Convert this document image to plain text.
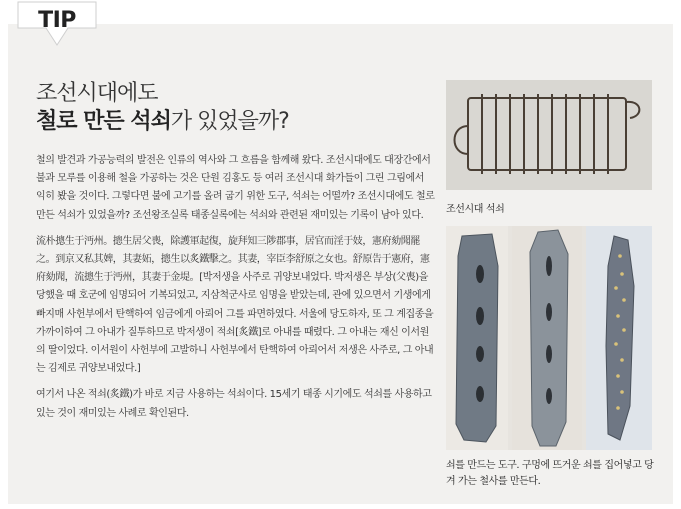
TIP
조선시대에도
철로 만든 석쇠가 있었을까?

철의 발견과 가공능력의 발전은 인류의 역사와 그 흐름을 함께해 왔다. 조선시대에도 대장간에서 불과 모루를 이용해 철을 가공하는 것은 단원 김홍도 등 여러 조선시대 화가들이 그린 그림에서 익히 봤을 것이다. 그렇다면 불에 고기를 올려 굽기 위한 도구, 석쇠는 어떨까? 조선시대에도 철로 만든 석쇠가 있었을까? 조선왕조실록 태종실록에는 석쇠와 관련된 재미있는 기록이 남아 있다.

流朴摠生于沔州。摠生居父喪，除護軍起復，旋拜知三陟郡事，居官而淫于妓，憲府劾聞罷之。到京又私其婢，其妻妬，摠生以炙鐵擊之。其妻，宰臣李舒原之女也。舒原告于憲府，憲府劾聞，流摠生于沔州，其妻于金堤。[박저생을 사주로 귀양보내었다. 박저생은 부상(父喪)을 당했을 때 호군에 임명되어 기복되었고, 지삼척군사로 임명을 받았는데, 관에 있으면서 기생에게 빠지매 사헌부에서 탄핵하여 임금에게 아뢰어 그를 파면하였다. 서울에 당도하자, 또 그 계집종을 가까이하여 그 아내가 질투하므로 박저생이 적쇠[炙鐵]로 아내를 때렸다. 그 아내는 재신 이서원의 딸이었다. 이서원이 사헌부에 고발하니 사헌부에서 탄핵하여 아뢰어서 저생은 사주로, 그 아내는 김제로 귀양보내었다.]

여기서 나온 적쇠(炙鐵)가 바로 지금 사용하는 석쇠이다. 15세기 태종 시기에도 석쇠를 사용하고 있는 것이 재미있는 사례로 확인된다.

조선시대 석쇠
쇠를 만드는 도구. 구멍에 뜨거운 쇠를 집어넣고 당겨 가는 철사를 만든다.
